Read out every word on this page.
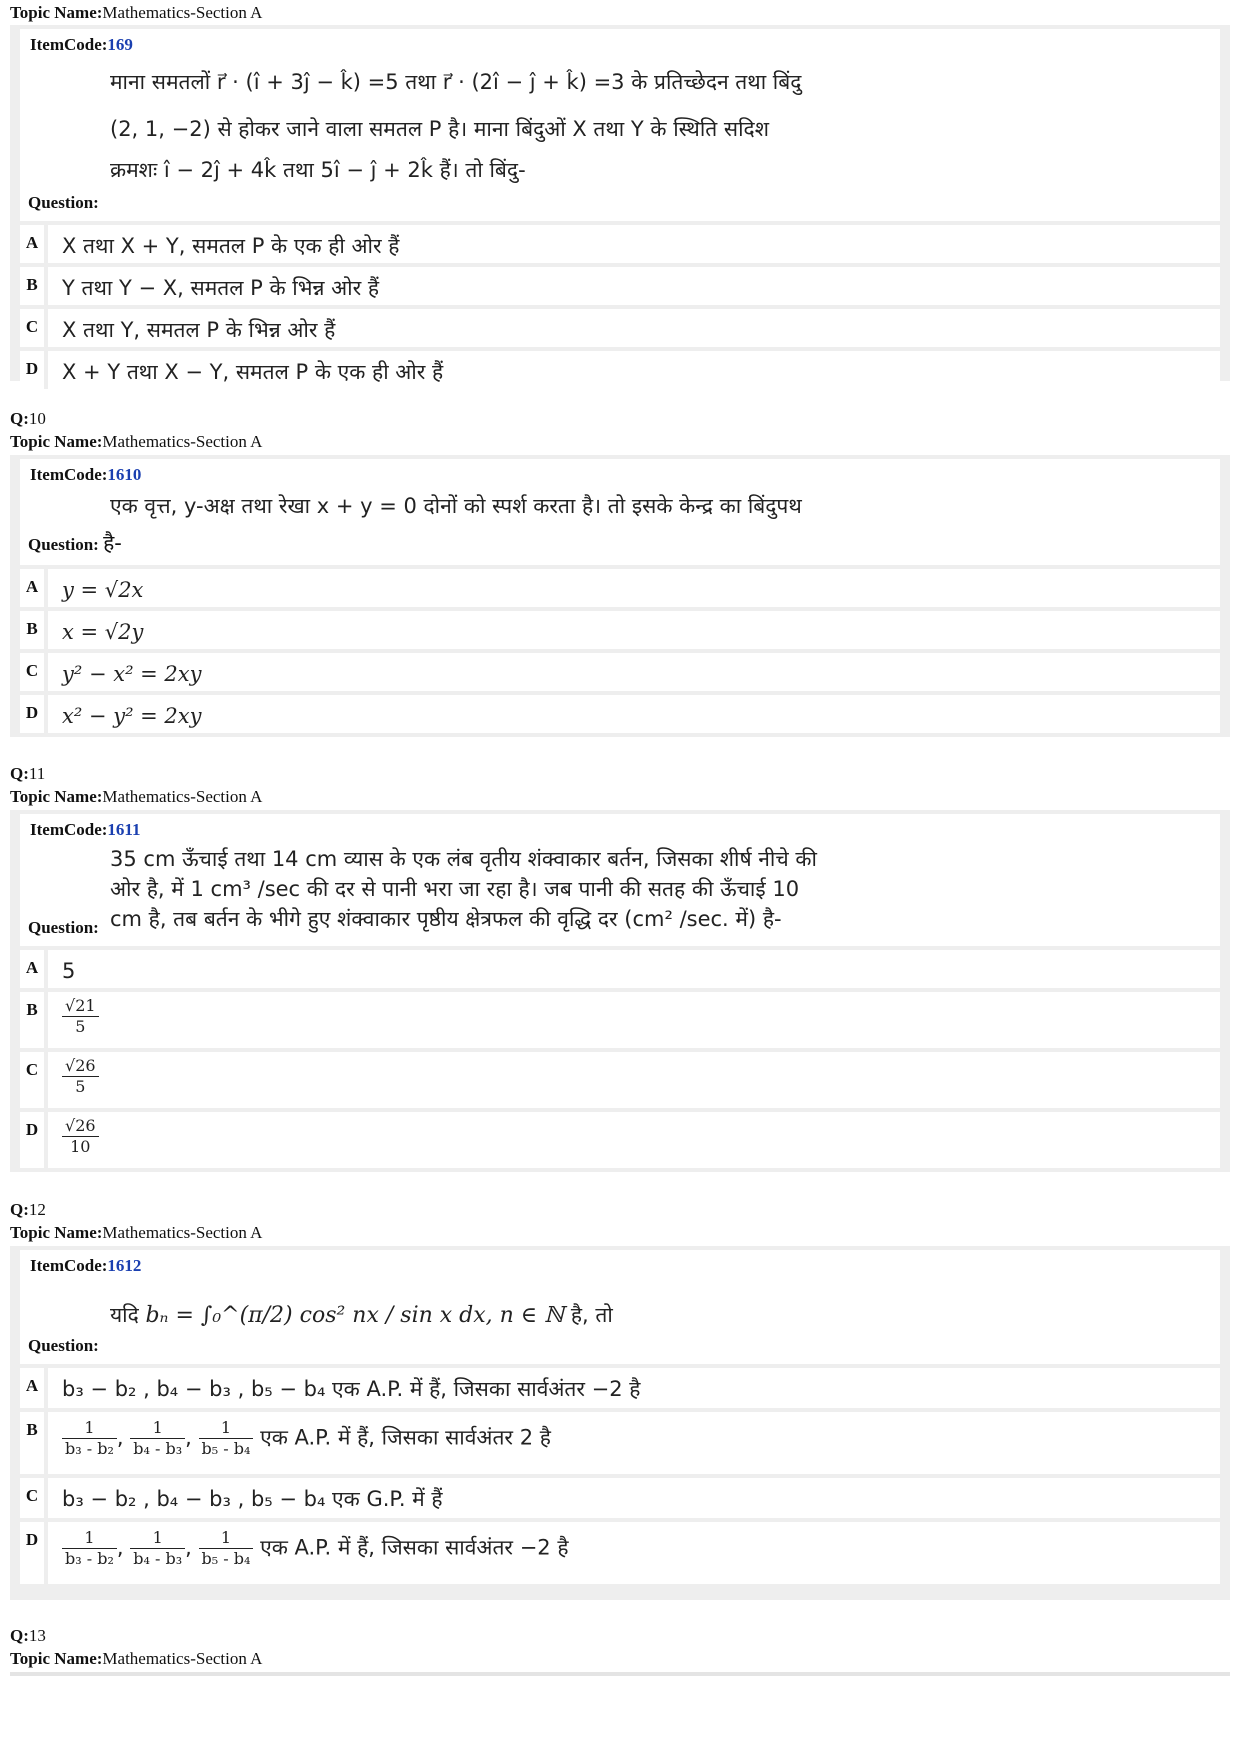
Topic Name:Mathematics-Section A
ItemCode:169
माना समतलों r⃗ · (î + 3ĵ − k̂) =5 तथा r⃗ · (2î − ĵ + k̂) =3 के प्रतिच्छेदन तथा बिंदु
(2, 1, −2) से होकर जाने वाला समतल P है। माना बिंदुओं X तथा Y के स्थिति सदिश
क्रमशः î − 2ĵ + 4k̂ तथा 5î − ĵ + 2k̂ हैं। तो बिंदु-
Question:
A	X तथा X + Y, समतल P के एक ही ओर हैं
B	Y तथा Y − X, समतल P के भिन्न ओर हैं
C	X तथा Y, समतल P के भिन्न ओर हैं
D	X + Y तथा X − Y, समतल P के एक ही ओर हैं
Q:10
Topic Name:Mathematics-Section A
ItemCode:1610
एक वृत्त, y-अक्ष तथा रेखा x + y = 0 दोनों को स्पर्श करता है। तो इसके केन्द्र का बिंदुपथ
Question: है-
A	y = √2x
B	x = √2y
C	y² − x² = 2xy
D	x² − y² = 2xy
Q:11
Topic Name:Mathematics-Section A
ItemCode:1611
35 cm ऊँचाई तथा 14 cm व्यास के एक लंब वृतीय शंक्वाकार बर्तन, जिसका शीर्ष नीचे की
ओर है, में 1 cm³ /sec की दर से पानी भरा जा रहा है। जब पानी की सतह की ऊँचाई 10
cm है, तब बर्तन के भीगे हुए शंक्वाकार पृष्ठीय क्षेत्रफल की वृद्धि दर (cm² /sec. में) है-
Question:
A	5
B	$\frac{√21}{5}$
C	$\frac{√26}{5}$
D	$\frac{√26}{10}$
Q:12
Topic Name:Mathematics-Section A
ItemCode:1612
यदि bₙ = ∫₀^(π/2) cos² nx / sin x dx, n ∈ ℕ है, तो
Question:
A	b₃ − b₂ , b₄ − b₃ , b₅ − b₄ एक A.P. में हैं, जिसका सार्वअंतर −2 है
B	$\frac{1}{\text{b₃ - b₂}}$ , $\frac{1}{\text{b₄ - b₃}}$ , $\frac{1}{\text{b₅ - b₄}}$ एक A.P. में हैं, जिसका सार्वअंतर 2 है
C	b₃ − b₂ , b₄ − b₃ , b₅ − b₄ एक G.P. में हैं
D	$\frac{1}{\text{b₃ - b₂}}$ , $\frac{1}{\text{b₄ - b₃}}$ , $\frac{1}{\text{b₅ - b₄}}$ एक A.P. में हैं, जिसका सार्वअंतर −2 है
Q:13
Topic Name:Mathematics-Section A
